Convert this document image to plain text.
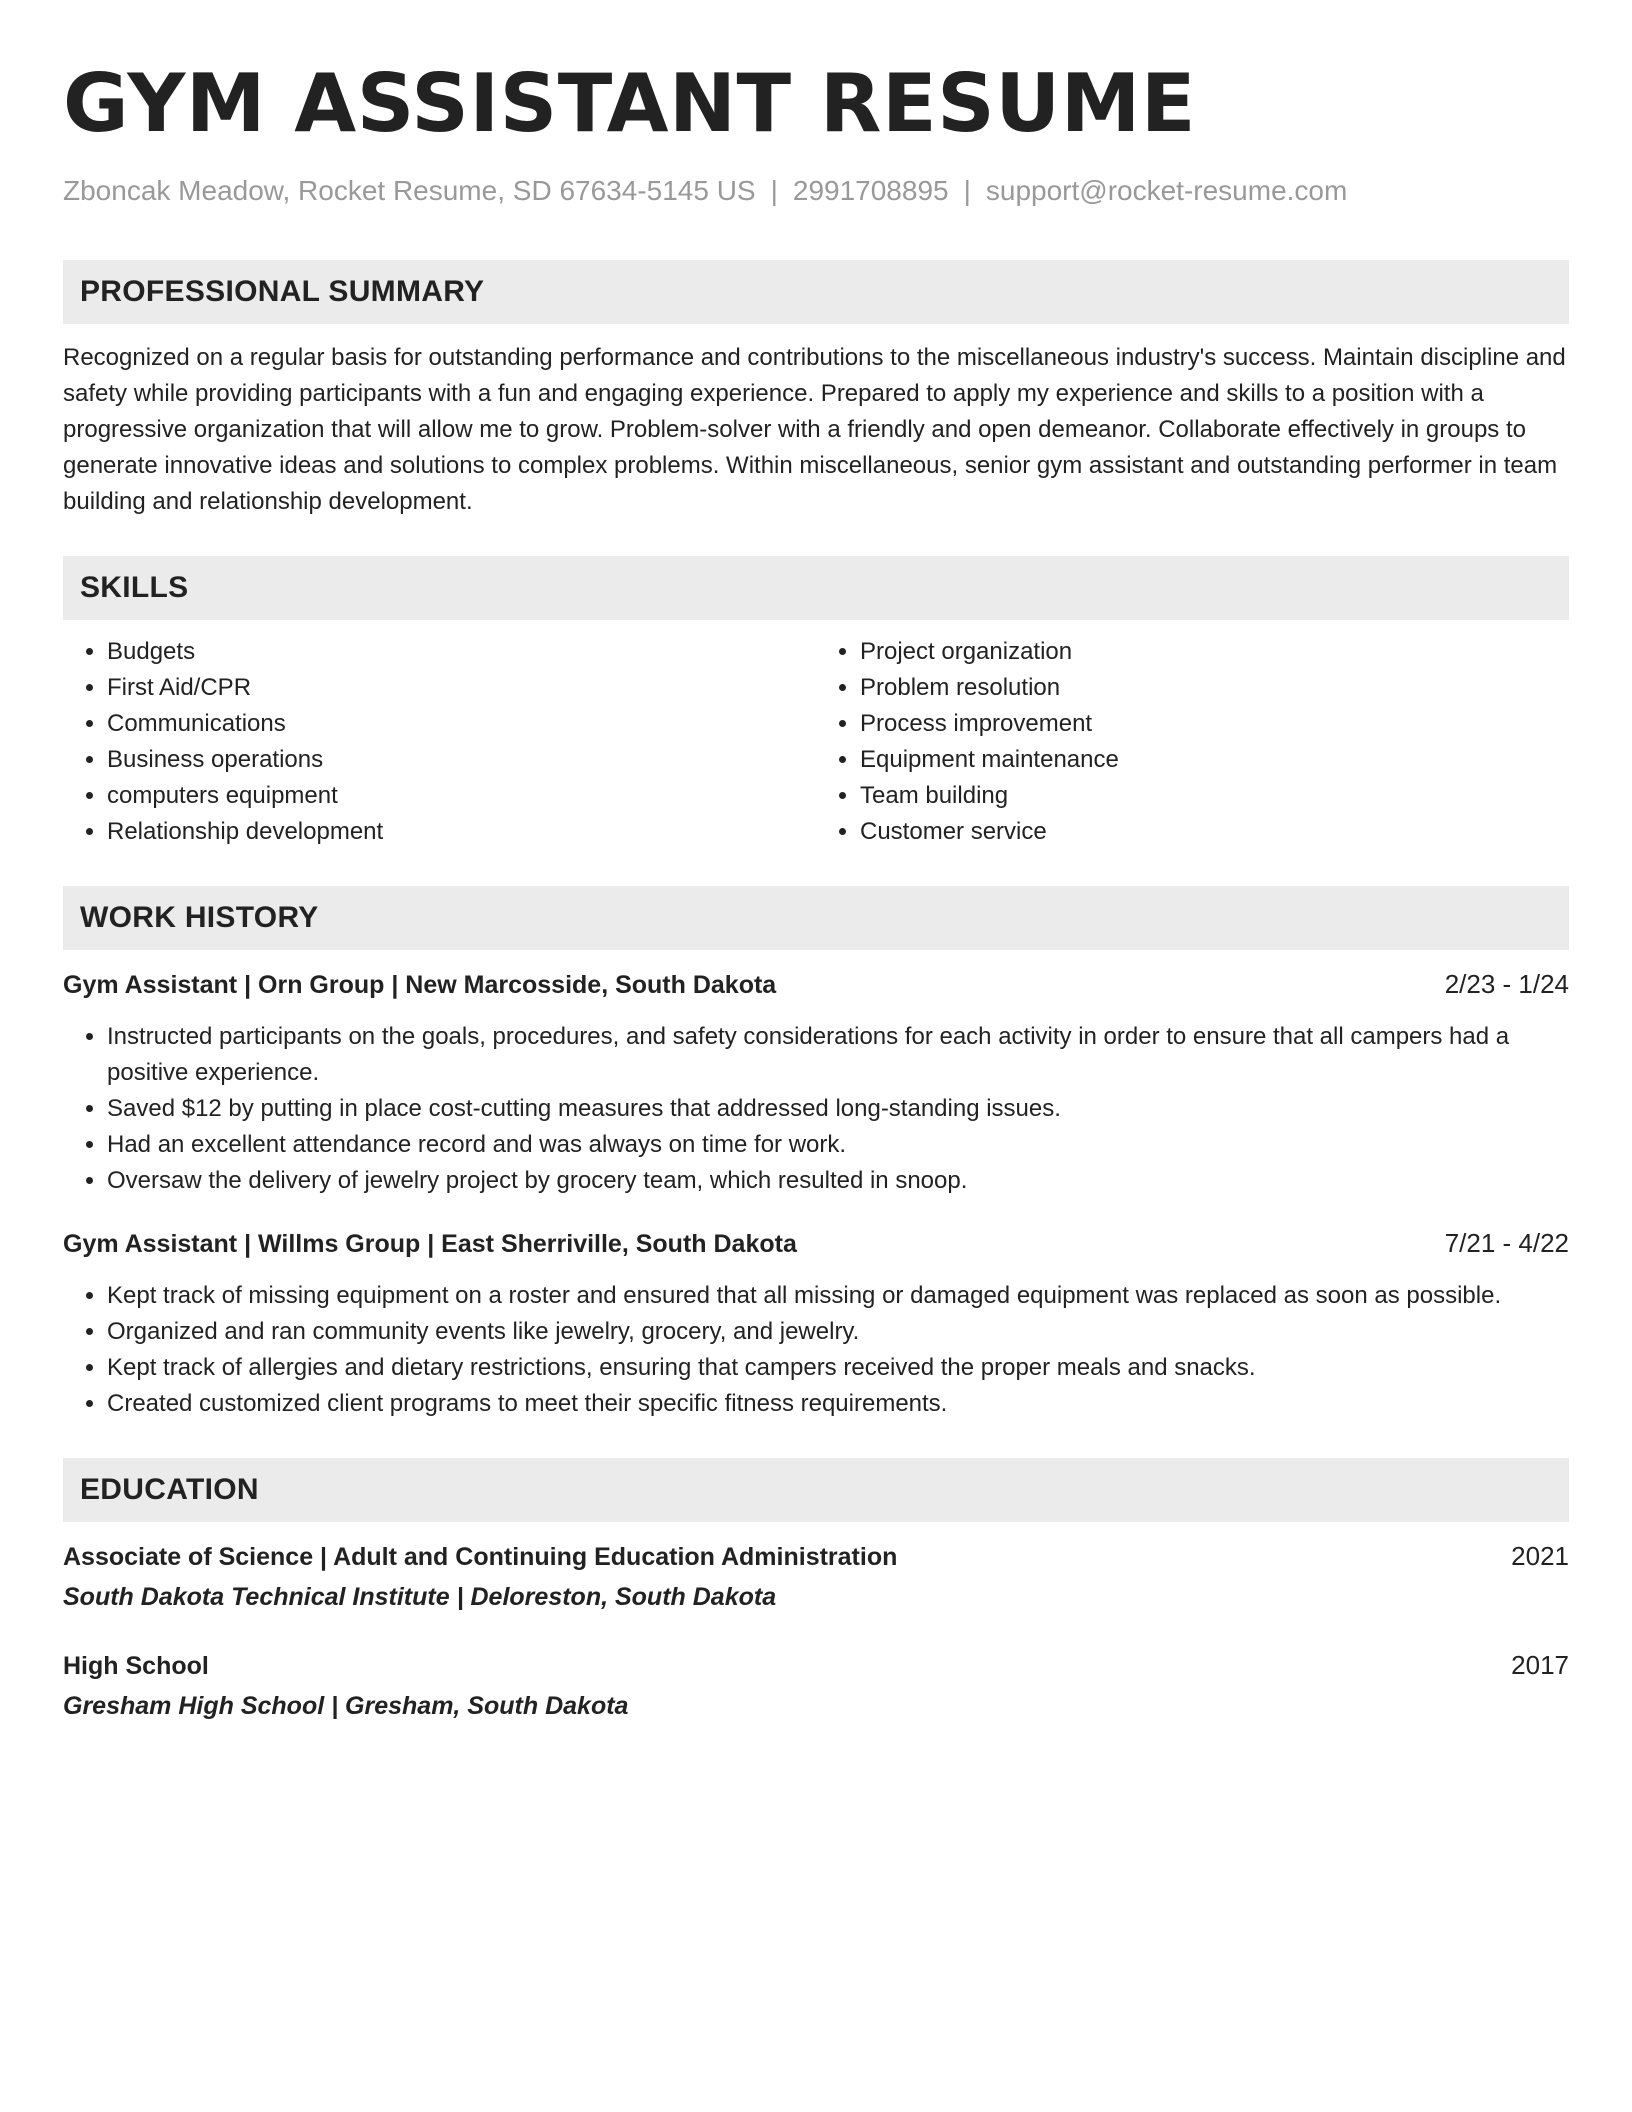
GYM ASSISTANT RESUME
Zboncak Meadow, Rocket Resume, SD 67634-5145 US | 2991708895 | support@rocket-resume.com
PROFESSIONAL SUMMARY

Recognized on a regular basis for outstanding performance and contributions to the miscellaneous industry's success. Maintain discipline and safety while providing participants with a fun and engaging experience. Prepared to apply my experience and skills to a position with a progressive organization that will allow me to grow. Problem-solver with a friendly and open demeanor. Collaborate effectively in groups to generate innovative ideas and solutions to complex problems. Within miscellaneous, senior gym assistant and outstanding performer in team building and relationship development.

SKILLS
• Budgets
• First Aid/CPR
• Communications
• Business operations
• computers equipment
• Relationship development
• Project organization
• Problem resolution
• Process improvement
• Equipment maintenance
• Team building
• Customer service
WORK HISTORY
Gym Assistant | Orn Group | New Marcosside, South Dakota	2/23 - 1/24
• Instructed participants on the goals, procedures, and safety considerations for each activity in order to ensure that all campers had a positive experience.
• Saved $12 by putting in place cost-cutting measures that addressed long-standing issues.
• Had an excellent attendance record and was always on time for work.
• Oversaw the delivery of jewelry project by grocery team, which resulted in snoop.
Gym Assistant | Willms Group | East Sherriville, South Dakota	7/21 - 4/22
• Kept track of missing equipment on a roster and ensured that all missing or damaged equipment was replaced as soon as possible.
• Organized and ran community events like jewelry, grocery, and jewelry.
• Kept track of allergies and dietary restrictions, ensuring that campers received the proper meals and snacks.
• Created customized client programs to meet their specific fitness requirements.
EDUCATION
Associate of Science | Adult and Continuing Education Administration	2021
South Dakota Technical Institute | Deloreston, South Dakota
High School	2017
Gresham High School | Gresham, South Dakota
